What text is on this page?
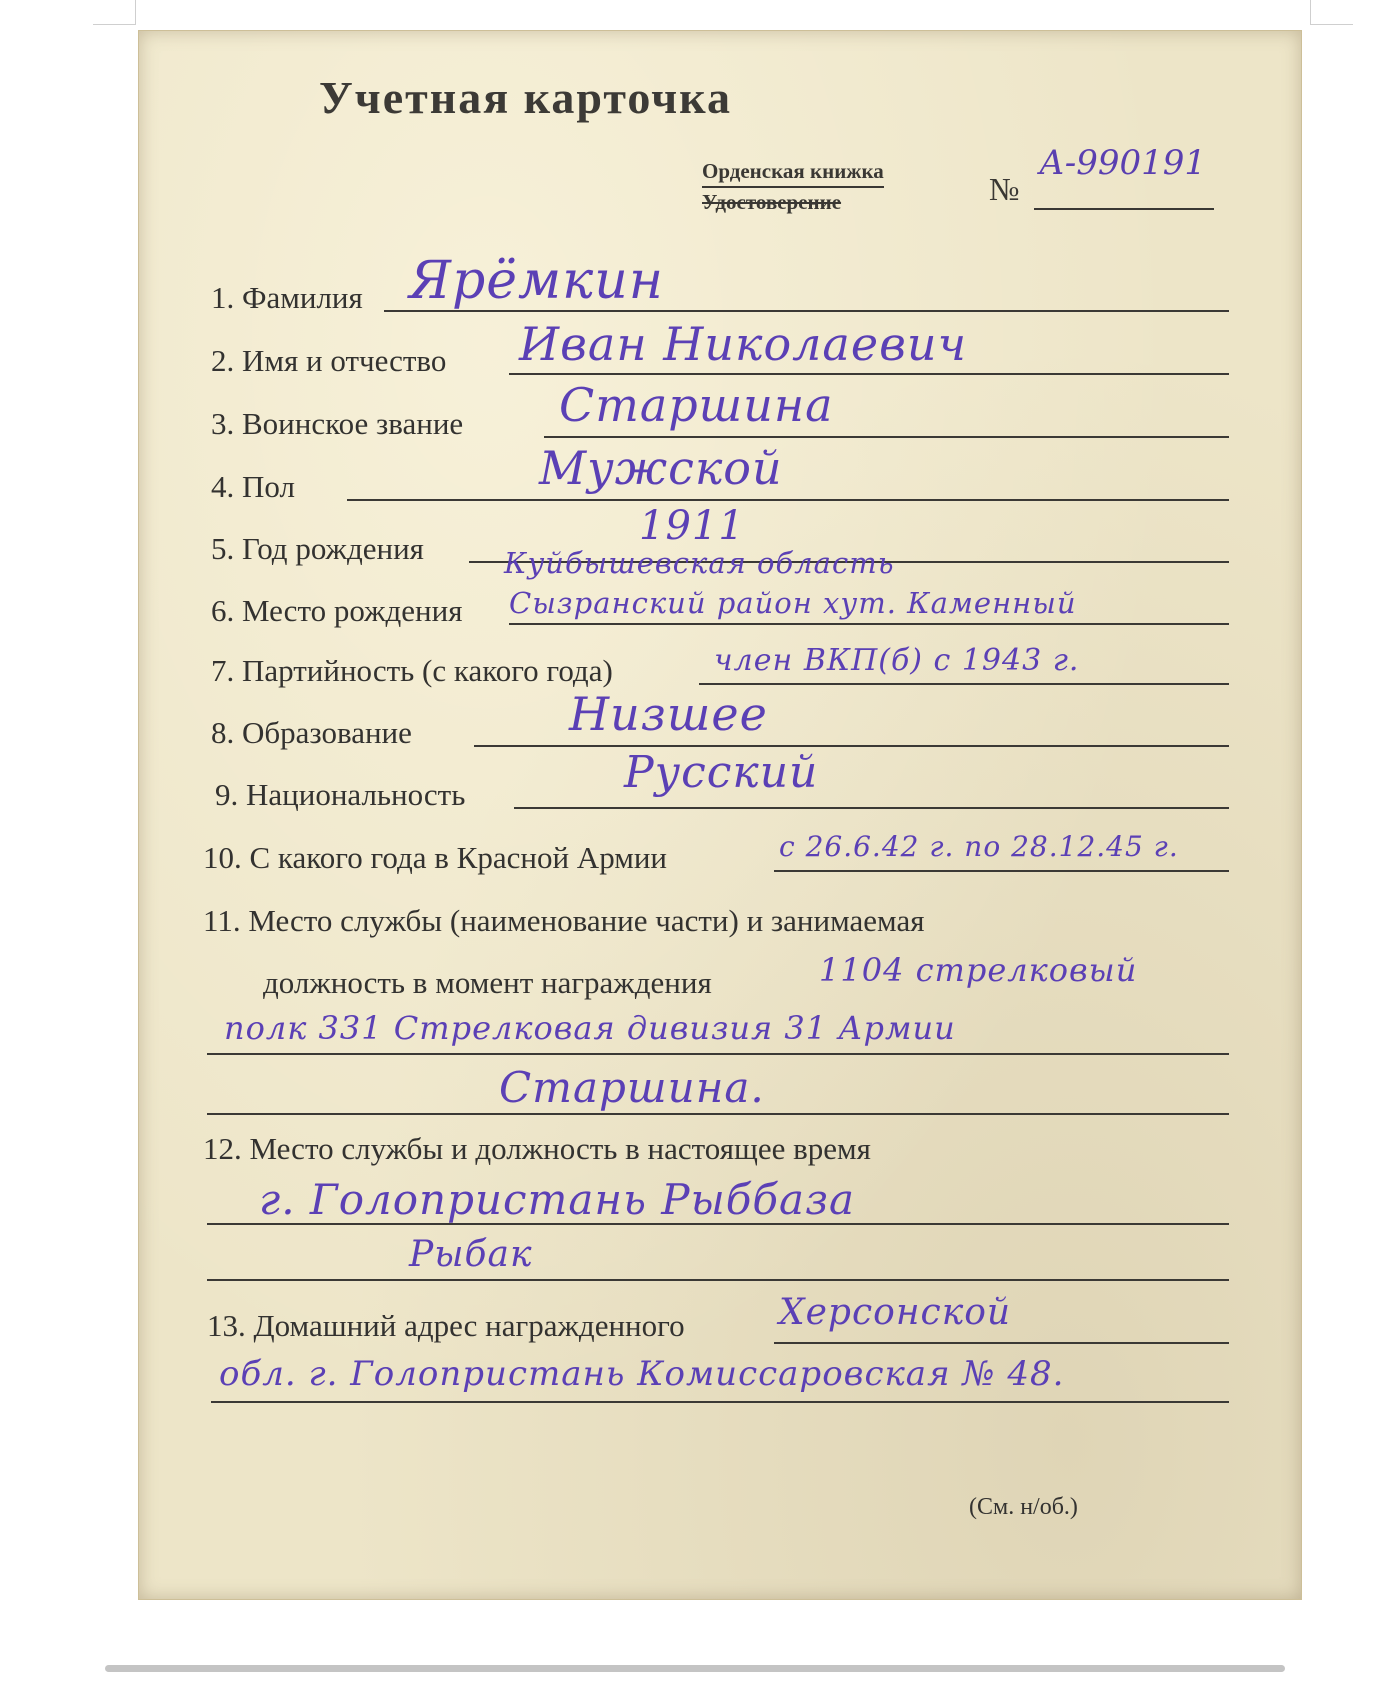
Учетная карточка
Орденская книжка
Удостоверение	№
А-990191
1. Фамилия Ярёмкин
2. Имя и отчество Иван Николаевич
3. Воинское звание Старшина
4. Пол	Мужской
5. Год рождения	1911
6. Место рождения
Куйбышевская область
Сызранский район хут. Каменный
7. Партийность (с какого года)	член ВКП(б) с 1943 г.
8. Образование	Низшее
9. Национальность	Русский
10. С какого года в Красной Армии	с 26.6.42 г. по 28.12.45 г.
11. Место службы (наименование части) и занимаемая
должность в момент награждения	1104 стрелковый
полк 331 Стрелковая дивизия 31 Армии
Старшина.
12. Место службы и должность в настоящее время
г. Голопристань Рыббаза
Рыбак
13. Домашний адрес награжденного	Херсонской
обл. г. Голопристань Комиссаровская № 48.
(См. н/об.)
